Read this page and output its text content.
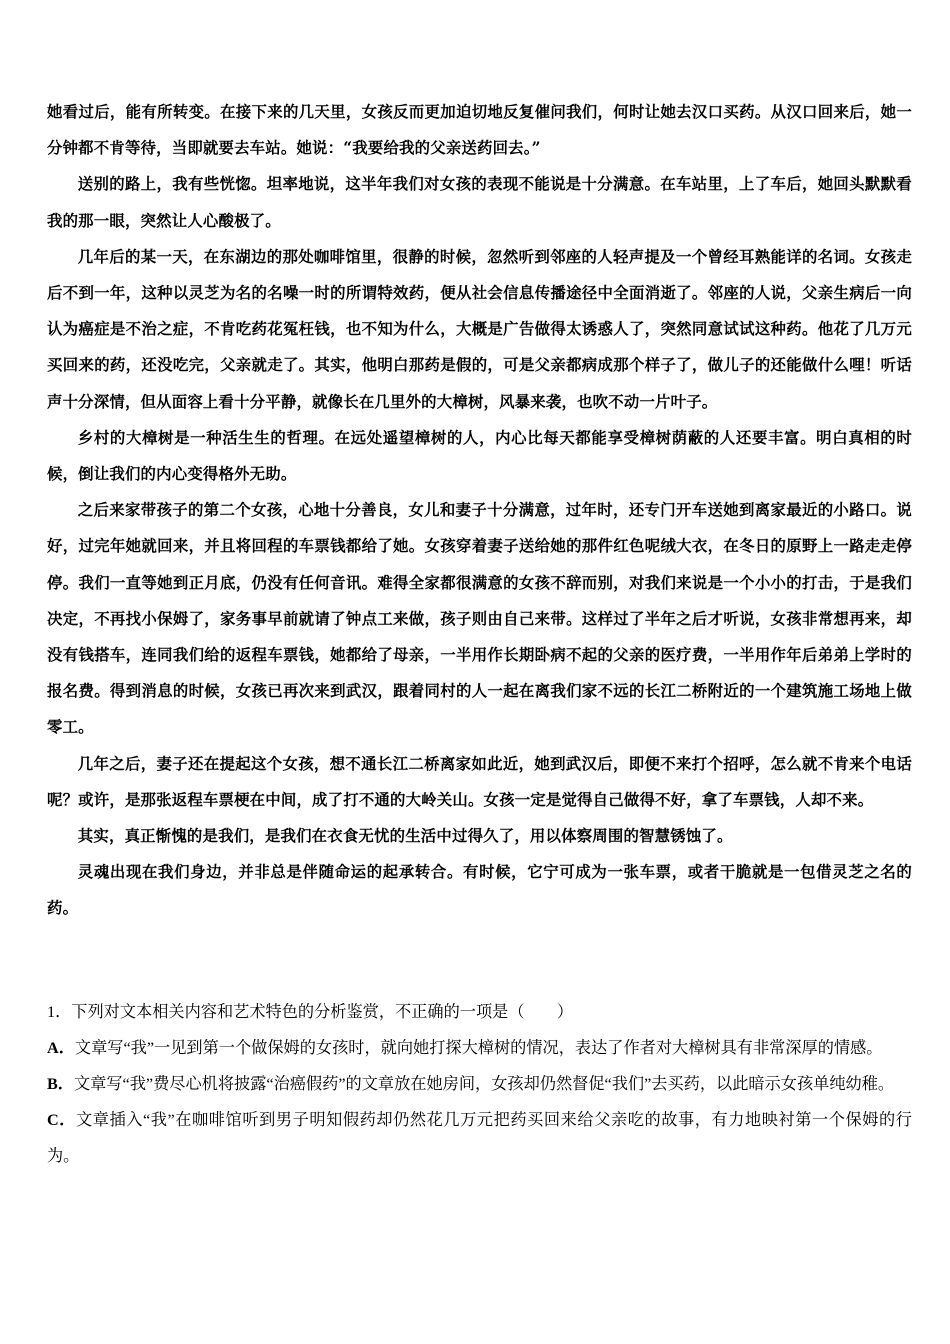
她看过后，能有所转变。在接下来的几天里，女孩反而更加迫切地反复催问我们，何时让她去汉口买药。从汉口回来后，她一分钟都不肯等待，当即就要去车站。她说：“我要给我的父亲送药回去。”

送别的路上，我有些恍惚。坦率地说，这半年我们对女孩的表现不能说是十分满意。在车站里，上了车后，她回头默默看我的那一眼，突然让人心酸极了。

几年后的某一天，在东湖边的那处咖啡馆里，很静的时候，忽然听到邻座的人轻声提及一个曾经耳熟能详的名词。女孩走后不到一年，这种以灵芝为名的名噪一时的所谓特效药，便从社会信息传播途径中全面消逝了。邻座的人说，父亲生病后一向认为癌症是不治之症，不肯吃药花冤枉钱，也不知为什么，大概是广告做得太诱惑人了，突然同意试试这种药。他花了几万元买回来的药，还没吃完，父亲就走了。其实，他明白那药是假的，可是父亲都病成那个样子了，做儿子的还能做什么哩！听话声十分深情，但从面容上看十分平静，就像长在几里外的大樟树，风暴来袭，也吹不动一片叶子。

乡村的大樟树是一种活生生的哲理。在远处遥望樟树的人，内心比每天都能享受樟树荫蔽的人还要丰富。明白真相的时候，倒让我们的内心变得格外无助。

之后来家带孩子的第二个女孩，心地十分善良，女儿和妻子十分满意，过年时，还专门开车送她到离家最近的小路口。说好，过完年她就回来，并且将回程的车票钱都给了她。女孩穿着妻子送给她的那件红色呢绒大衣，在冬日的原野上一路走走停停。我们一直等她到正月底，仍没有任何音讯。难得全家都很满意的女孩不辞而别，对我们来说是一个小小的打击，于是我们决定，不再找小保姆了，家务事早前就请了钟点工来做，孩子则由自己来带。这样过了半年之后才听说，女孩非常想再来，却没有钱搭车，连同我们给的返程车票钱，她都给了母亲，一半用作长期卧病不起的父亲的医疗费，一半用作年后弟弟上学时的报名费。得到消息的时候，女孩已再次来到武汉，跟着同村的人一起在离我们家不远的长江二桥附近的一个建筑施工场地上做零工。

几年之后，妻子还在提起这个女孩，想不通长江二桥离家如此近，她到武汉后，即便不来打个招呼，怎么就不肯来个电话呢？或许，是那张返程车票梗在中间，成了打不通的大岭关山。女孩一定是觉得自己做得不好，拿了车票钱，人却不来。

其实，真正惭愧的是我们，是我们在衣食无忧的生活中过得久了，用以体察周围的智慧锈蚀了。

灵魂出现在我们身边，并非总是伴随命运的起承转合。有时候，它宁可成为一张车票，或者干脆就是一包借灵芝之名的药。

1．下列对文本相关内容和艺术特色的分析鉴赏，不正确的一项是（　　）

A．文章写“我”一见到第一个做保姆的女孩时，就向她打探大樟树的情况，表达了作者对大樟树具有非常深厚的情感。

B．文章写“我”费尽心机将披露“治癌假药”的文章放在她房间，女孩却仍然督促“我们”去买药，以此暗示女孩单纯幼稚。

C．文章插入“我”在咖啡馆听到男子明知假药却仍然花几万元把药买回来给父亲吃的故事，有力地映衬第一个保姆的行为。
